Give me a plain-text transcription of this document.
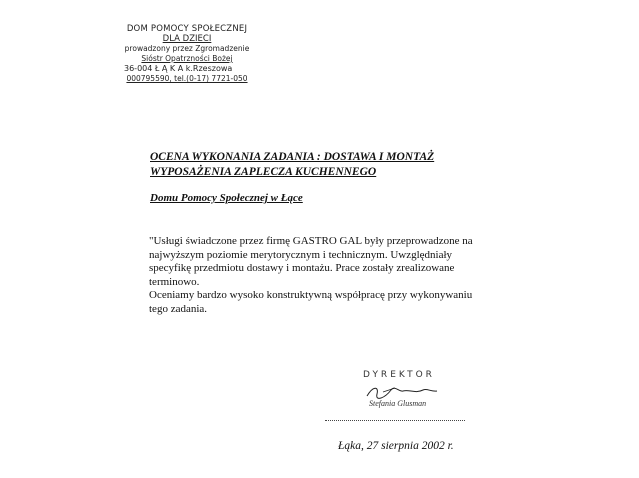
DOM POMOCY SPOŁECZNEJ
DLA DZIECI
prowadzony przez Zgromadzenie
Sióstr Opatrzności Bożej
36-004 Ł Ą K A k.Rzeszowa
000795590, tel.(0-17) 7721-050
OCENA WYKONANIA ZADANIA : DOSTAWA I MONTAŻ
WYPOSAŻENIA ZAPLECZA KUCHENNEGO
Domu Pomocy Społecznej w Łące

"Usługi świadczone przez firmę GASTRO GAL były przeprowadzone na najwyższym poziomie merytorycznym i technicznym. Uwzględniały specyfikę przedmiotu dostawy i montażu. Prace zostały zrealizowane terminowo.

Oceniamy bardzo wysoko konstruktywną współpracę przy wykonywaniu tego zadania.

DYREKTOR
Stefania Glusman
Łąka, 27 sierpnia 2002 r.
